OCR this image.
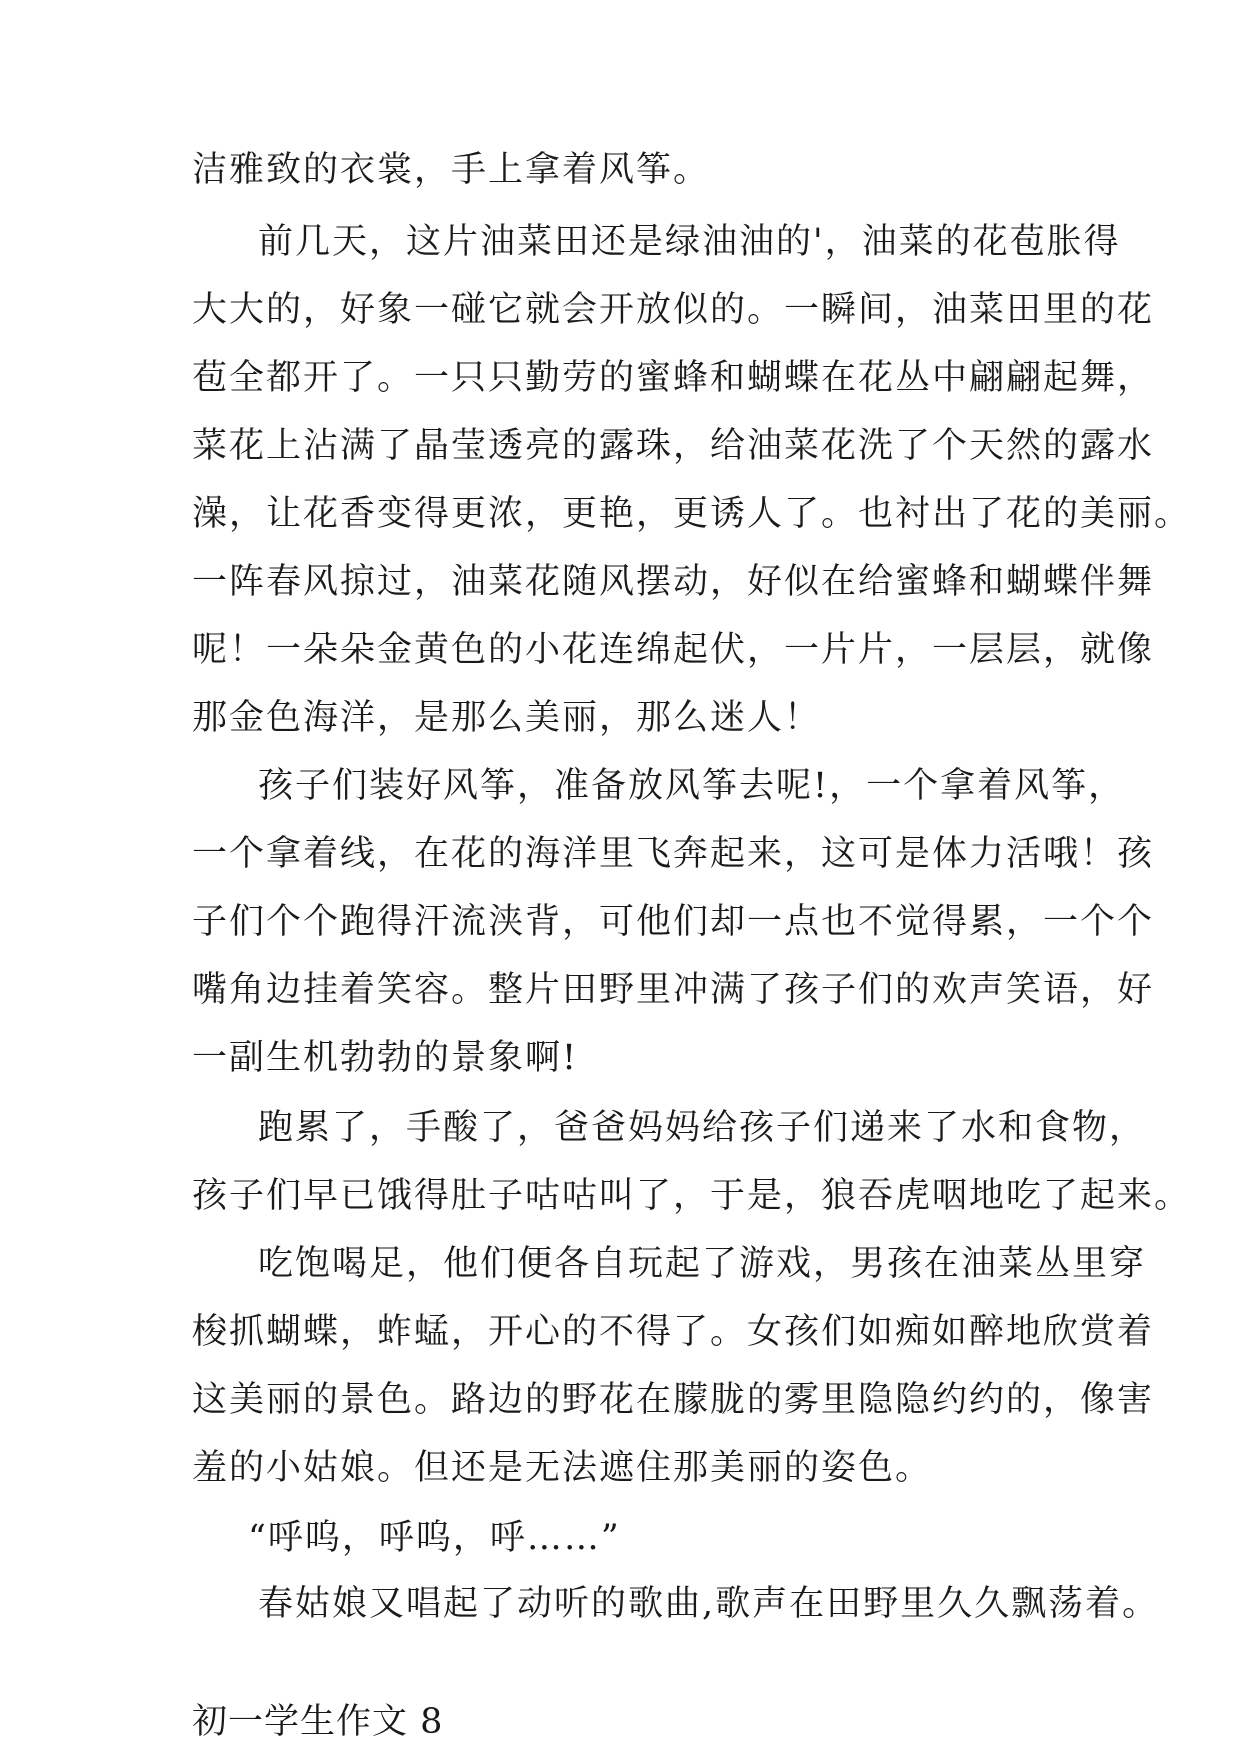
洁雅致的衣裳，手上拿着风筝。
前几天，这片油菜田还是绿油油的'，油菜的花苞胀得
大大的，好象一碰它就会开放似的。一瞬间，油菜田里的花
苞全都开了。一只只勤劳的蜜蜂和蝴蝶在花丛中翩翩起舞，
菜花上沾满了晶莹透亮的露珠，给油菜花洗了个天然的露水
澡，让花香变得更浓，更艳，更诱人了。也衬出了花的美丽。
一阵春风掠过，油菜花随风摆动，好似在给蜜蜂和蝴蝶伴舞
呢！一朵朵金黄色的小花连绵起伏，一片片，一层层，就像
那金色海洋，是那么美丽，那么迷人！
孩子们装好风筝，准备放风筝去呢!，一个拿着风筝，
一个拿着线，在花的海洋里飞奔起来，这可是体力活哦！孩
子们个个跑得汗流浃背，可他们却一点也不觉得累，一个个
嘴角边挂着笑容。整片田野里冲满了孩子们的欢声笑语，好
一副生机勃勃的景象啊!
跑累了，手酸了，爸爸妈妈给孩子们递来了水和食物，
孩子们早已饿得肚子咕咕叫了，于是，狼吞虎咽地吃了起来。
吃饱喝足，他们便各自玩起了游戏，男孩在油菜丛里穿
梭抓蝴蝶，蚱蜢，开心的不得了。女孩们如痴如醉地欣赏着
这美丽的景色。路边的野花在朦胧的雾里隐隐约约的，像害
羞的小姑娘。但还是无法遮住那美丽的姿色。
“呼呜，呼呜，呼……”
春姑娘又唱起了动听的歌曲,歌声在田野里久久飘荡着。
初一学生作文 8
